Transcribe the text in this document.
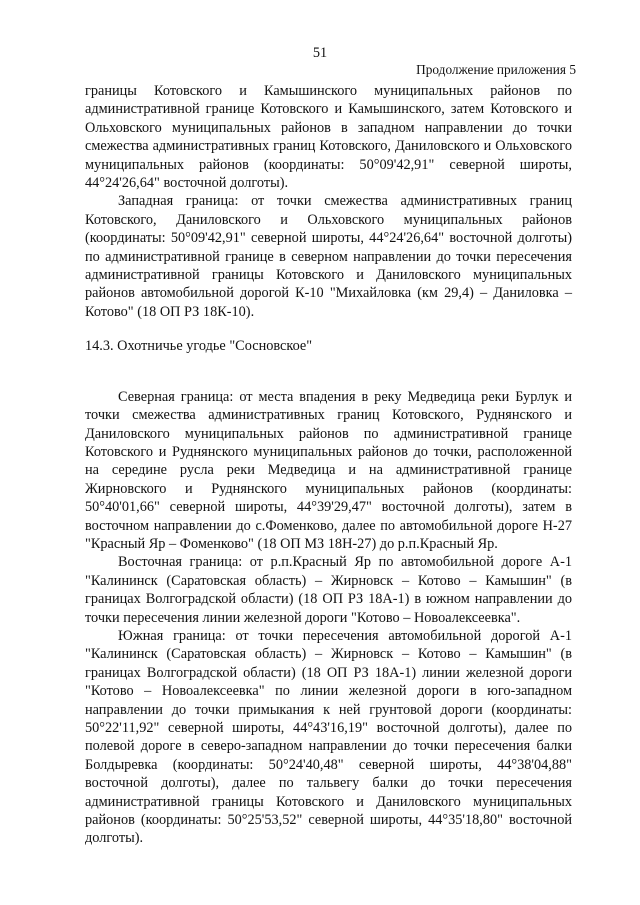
51
Продолжение приложения 5

границы Котовского и Камышинского муниципальных районов по административной границе Котовского и Камышинского, затем Котовского и Ольховского муниципальных районов в западном направлении до точки смежества административных границ Котовского, Даниловского и Ольховского муниципальных районов (координаты: 50°09'42,91" северной широты, 44°24'26,64" восточной долготы).

Западная граница: от точки смежества административных границ Котовского, Даниловского и Ольховского муниципальных районов (координаты: 50°09'42,91" северной широты, 44°24'26,64" восточной долготы) по административной границе в северном направлении до точки пересечения административной границы Котовского и Даниловского муниципальных районов автомобильной дорогой К-10 "Михайловка (км 29,4) – Даниловка – Котово" (18 ОП РЗ 18К-10).

14.3. Охотничье угодье "Сосновское"

Северная граница: от места впадения в реку Медведица реки Бурлук и точки смежества административных границ Котовского, Руднянского и Даниловского муниципальных районов по административной границе Котовского и Руднянского муниципальных районов до точки, расположенной на середине русла реки Медведица и на административной границе Жирновского и Руднянского муниципальных районов (координаты: 50°40'01,66" северной широты, 44°39'29,47" восточной долготы), затем в восточном направлении до с.Фоменково, далее по автомобильной дороге Н-27 "Красный Яр – Фоменково" (18 ОП МЗ 18Н-27) до р.п.Красный Яр.

Восточная граница: от р.п.Красный Яр по автомобильной дороге А-1 "Калининск (Саратовская область) – Жирновск – Котово – Камышин" (в границах Волгоградской области) (18 ОП РЗ 18А-1) в южном направлении до точки пересечения линии железной дороги "Котово – Новоалексеевка".

Южная граница: от точки пересечения автомобильной дорогой А-1 "Калининск (Саратовская область) – Жирновск – Котово – Камышин" (в границах Волгоградской области) (18 ОП РЗ 18А-1) линии железной дороги "Котово – Новоалексеевка" по линии железной дороги в юго-западном направлении до точки примыкания к ней грунтовой дороги (координаты: 50°22'11,92" северной широты, 44°43'16,19" восточной долготы), далее по полевой дороге в северо-западном направлении до точки пересечения балки Болдыревка (координаты: 50°24'40,48" северной широты, 44°38'04,88" восточной долготы), далее по тальвегу балки до точки пересечения административной границы Котовского и Даниловского муниципальных районов (координаты: 50°25'53,52" северной широты, 44°35'18,80" восточной долготы).
